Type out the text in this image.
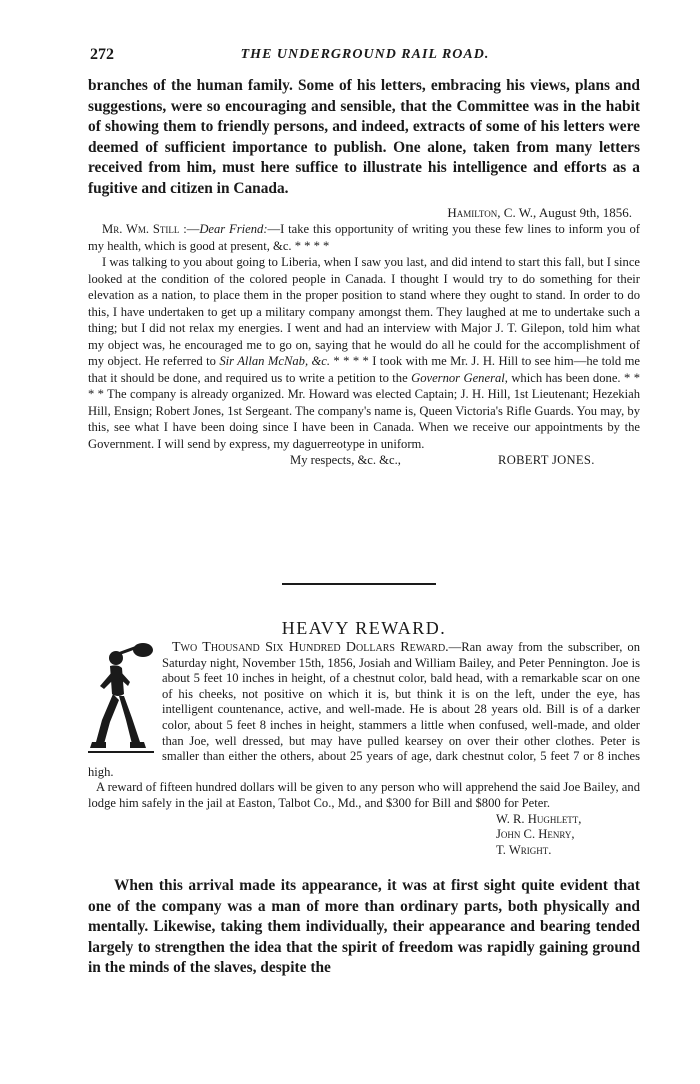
272	THE UNDERGROUND RAIL ROAD.
branches of the human family. Some of his letters, embracing his views, plans and suggestions, were so encouraging and sensible, that the Committee was in the habit of showing them to friendly persons, and indeed, extracts of some of his letters were deemed of sufficient importance to publish. One alone, taken from many letters received from him, must here suffice to illustrate his intelligence and efforts as a fugitive and citizen in Canada.
Hamilton, C. W., August 9th, 1856.

Mr. Wm. Still :—Dear Friend:—I take this opportunity of writing you these few lines to inform you of my health, which is good at present, &c. * * * *

I was talking to you about going to Liberia, when I saw you last, and did intend to start this fall, but I since looked at the condition of the colored people in Canada. I thought I would try to do something for their elevation as a nation, to place them in the proper position to stand where they ought to stand. In order to do this, I have undertaken to get up a military company amongst them. They laughed at me to undertake such a thing; but I did not relax my energies. I went and had an interview with Major J. T. Gilepon, told him what my object was, he encouraged me to go on, saying that he would do all he could for the accomplishment of my object. He referred to Sir Allan McNab, &c. * * * * I took with me Mr. J. H. Hill to see him—he told me that it should be done, and required us to write a petition to the Governor General, which has been done. * * * * The company is already organized. Mr. Howard was elected Captain; J. H. Hill, 1st Lieutenant; Hezekiah Hill, Ensign; Robert Jones, 1st Sergeant. The company's name is, Queen Victoria's Rifle Guards. You may, by this, see what I have been doing since I have been in Canada. When we receive our appointments by the Government. I will send by express, my daguerreotype in uniform.

My respects, &c. &c.,	ROBERT JONES.
HEAVY REWARD.

Two Thousand Six Hundred Dollars Reward.—Ran away from the subscriber, on Saturday night, November 15th, 1856, Josiah and William Bailey, and Peter Pennington. Joe is about 5 feet 10 inches in height, of a chestnut color, bald head, with a remarkable scar on one of his cheeks, not positive on which it is, but think it is on the left, under the eye, has intelligent countenance, active, and well-made. He is about 28 years old. Bill is of a darker color, about 5 feet 8 inches in height, stammers a little when confused, well-made, and older than Joe, well dressed, but may have pulled kearsey on over their other clothes. Peter is smaller than either the others, about 25 years of age, dark chestnut color, 5 feet 7 or 8 inches high.

A reward of fifteen hundred dollars will be given to any person who will apprehend the said Joe Bailey, and lodge him safely in the jail at Easton, Talbot Co., Md., and $300 for Bill and $800 for Peter.

W. R. Hughlett,
John C. Henry,
T. Wright.
When this arrival made its appearance, it was at first sight quite evident that one of the company was a man of more than ordinary parts, both physically and mentally. Likewise, taking them individually, their appearance and bearing tended largely to strengthen the idea that the spirit of freedom was rapidly gaining ground in the minds of the slaves, despite the
